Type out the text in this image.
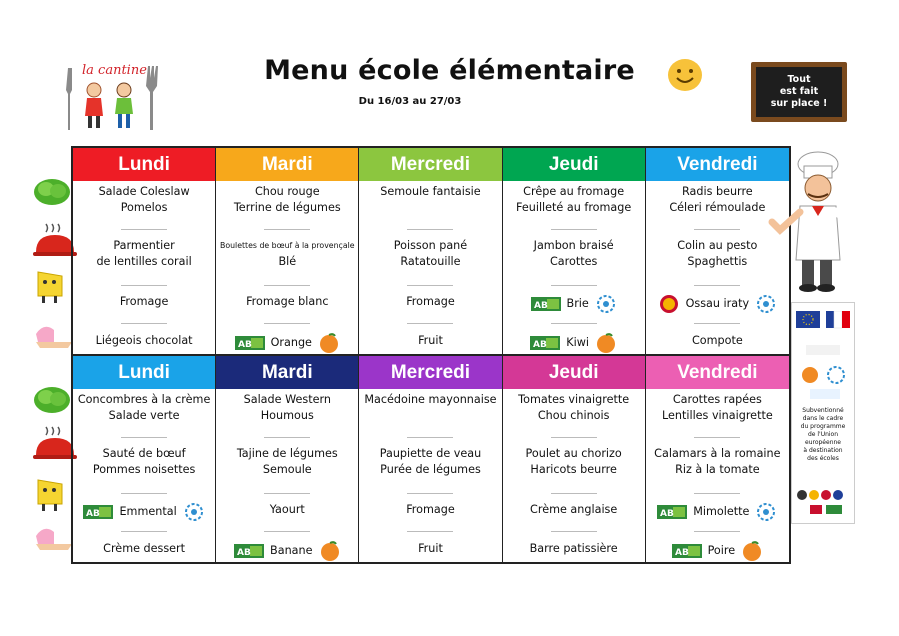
la cantine	Menu école élémentaire
Du 16/03 au 27/03
Tout
est fait
sur place !
Lundi
Salade Coleslaw
Pomelos
Parmentier
de lentilles corail
Fromage
Liégeois chocolat
Mardi
Chou rouge
Terrine de légumes
Boulettes de bœuf à la provençale
Blé
Fromage blanc
AB Orange
Mercredi
Semoule fantaisie
Poisson pané
Ratatouille
Fromage
Fruit
Jeudi
Crêpe au fromage
Feuilleté au fromage
Jambon braisé
Carottes
AB Brie
AB Kiwi
Vendredi
Radis beurre
Céleri rémoulade
Colin au pesto
Spaghettis
Ossau iraty
Compote
Lundi
Concombres à la crème
Salade verte
Sauté de bœuf
Pommes noisettes
AB Emmental
Crème dessert
Mardi
Salade Western
Houmous
Tajine de légumes
Semoule
Yaourt
AB Banane
Mercredi
Macédoine mayonnaise
Paupiette de veau
Purée de légumes
Fromage
Fruit
Jeudi
Tomates vinaigrette
Chou chinois
Poulet au chorizo
Haricots beurre
Crème anglaise
Barre patissière
Vendredi
Carottes rapées
Lentilles vinaigrette
Calamars à la romaine
Riz à la tomate
AB Mimolette
AB Poire
Subventionné
dans le cadre
du programme
de l'Union
européenne
à destination
des écoles
